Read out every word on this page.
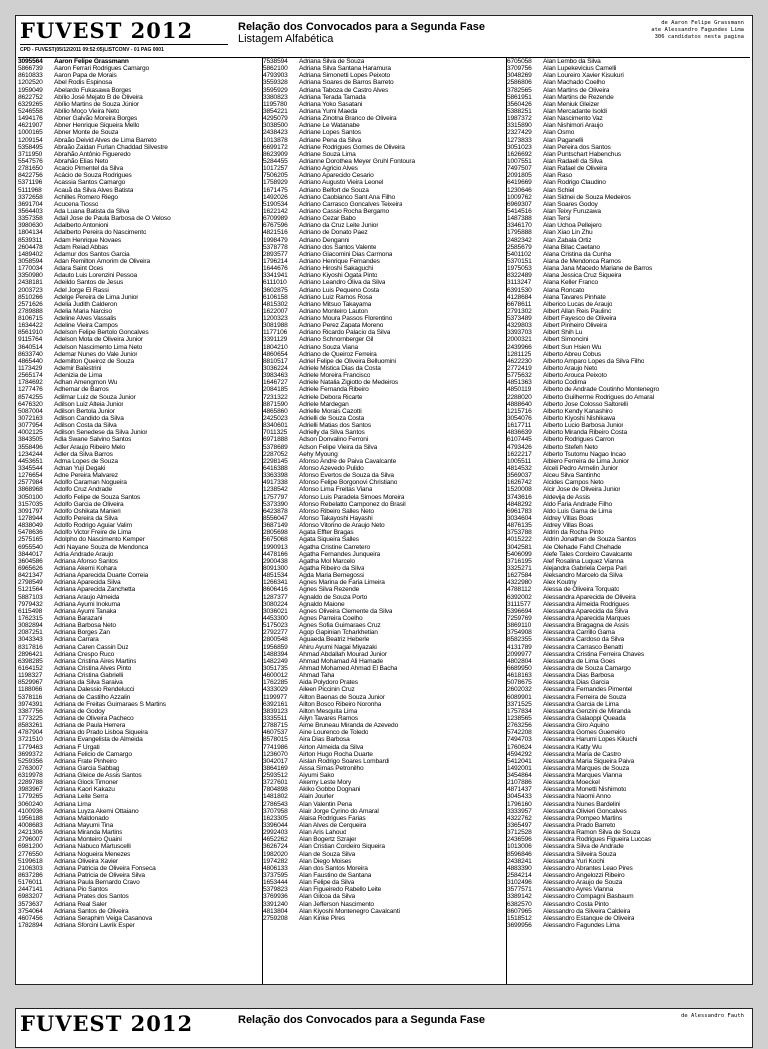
FUVEST 2012
CPD - FUVEST(05/12/2011 09:52:05)LISTCONV - 01 PAG 0001
Relação dos Convocados para a Segunda Fase
Listagem Alfabética
de Aaron Felipe Grassmann
ate Alessandro Fagundes Lima
306 candidatos nesta pagina
3095564	Aaron Felipe Grassmann
5866739	Aaron Ferrari Rodrigues Camargo
8610833	Aaron Papa de Morais
1202520	Abel Rodis Espinosa
1959049	Abelardo Fukasawa Borges
8622752	Abílio José Mejato B de Oliveira
6329265	Abílio Martins de Souza Júnior
5246558	Abílio Moço Vieira Neto
1494176	Abner Galvão Moreira Borges
4621907	Abner Henrique Siqueira Mello
1000165	Abner Monte de Souza
1209154	Abraão Deivid Alves de Lima Barreto
5358495	Abraão Zaidan Furlan Chaddad Silvestre
3711950	Abrahão Antônio Figueredo
5547576	Abrahão Elias Neto
2781650	Acacio Pimentel da Silva
8422756	Acácio de Souza Rodrigues
5371196	Acassia Santos Camargo
5111968	Acauã da Silva Alves Batista
3372658	Achilles Romero Riego
3691704	Acucena Tiosso
3564403	Ada Luana Batista da Silva
3357358	Adail Jose de Paula Barbosa de O Veloso
3980630	Adalberto Antonioni
1804134	Adalberto Pereira do Nascimento
8539311	Adam Henrique Novaes
2604478	Adam Reiad Abbas
1489402	Adamur dos Santos Garcia
3058594	Adan Remilton Amorim de Oliveira
1770034	Adara Saint Oces
3350980	Adauto Luis Lorenzini Pessoa
2438181	Adeildo Santos de Jesus
2003723	Adel Jorge El Rassi
8510266	Adelge Pereira de Lima Junior
2571626	Adelia Judith Calderon
2789888	Adelia Maria Narciso
8106715	Adeline Alves Vassalis
1634422	Adeline Vieira Campos
8561910	Adelson Felipe Bertolo Goncalves
9115764	Adelson Mota de Oliveira Junior
3640514	Adelson Nascimento Lima Neto
8633740	Ademar Nunes do Vale Junior
4865440	Ademilton Queiroz de Souza
1173429	Ademir Balestrini
2565174	Adenizia de Lima
1784692	Adhan Amengmon Wu
1277476	Adhemar de Barros
8574255	Adilmar Luiz de Souza Junior
6476320	Adilson Luiz Alteia Junior
5087004	Adilson Bertola Junior
3072163	Adilson Candido da Silva
3077954	Adilson Costa da Silva
4002125	Adilson Senedese da Silva Junior
3843505	Adla Swane Salvino Santos
3558496	Adler Araujo Ribeiro Melo
1234244	Adler da Silva Barros
4453651	Adma Lopes de Souza
3345544	Adnan Yuji Degaki
1276654	Adne Pereira Malvarez
2577984	Adolfo Caraman Nogueira
3868968	Adolfo Cruz Andrade
3050100	Adolfo Felipe de Souza Santos
3157035	Adolfo Garcia de Oliveira
3091797	Adolfo Oshikata Manieri
1278944	Adolfo Pereira da Silva
4838049	Adolfo Rodrigo Aguiar Valim
5478636	Adolfo Victor Freire de Lima
2575165	Adolpho do Nascimento Kemper
6955540	Adri Nayane Souza de Mendonca
3844017	Adria Andrade Araujo
3604586	Adriana Afonso Santos
6965626	Adriana Akemi Kohara
8421347	Adriana Aparecida Duarte Correia
2798549	Adriana Aparecida Silva
5121564	Adriana Aparecida Zanchetta
5887103	Adriana Araujo Almeida
7979432	Adriana Ayumi Inokuma
6115498	Adriana Ayumi Tanaka
1762315	Adriana Barazani
3082894	Adriana Barbosa Neto
2087251	Adriana Borges Zan
3043343	Adriana Carrara
8317816	Adriana Caren Cassin Duz
2896421	Adriana Crespo Ruco
6398285	Adriana Cristina Aires Martins
6164152	Adriana Cristina Alves Pinto
1198327	Adriana Cristina Gabrielli
8529967	Adriana da Silva Saraiva
1188066	Adriana Dalessio Rendelucci
5378116	Adriana de Castilho Azzalin
3974391	Adriana de Freitas Guimaraes S Martins
3387756	Adriana de Godoy
1773225	Adriana de Oliveira Pacheco
8583261	Adriana de Paula Herrera
4787904	Adriana do Prado Lisboa Siqueira
3721510	Adriana Evangelista de Almeida
1779463	Adriana F Urgati
3699372	Adriana Felicio de Camargo
5259356	Adriana Frate Pinheiro
2763007	Adriana Garcia Sabbag
6319978	Adriana Gleice de Assis Santos
2289788	Adriana Glock Timoner
3983967	Adriana Kaori Kakazu
1779265	Adriana Leite Serra
3060240	Adriana Lima
4100936	Adriana Luyza Akemi Ottaiano
1956188	Adriana Maldonado
4008683	Adriana Mayumi Tina
2421306	Adriana Miranda Martins
2796007	Adriana Monteiro Quaini
6981200	Adriana Nabuco Martuscelli
2776550	Adriana Nogueira Menezes
5199618	Adriana Oliveira Xavier
2106303	Adriana Patricia de Oliveira Fonseca
8637286	Adriana Patricia de Oliveira Silva
5176011	Adriana Paula Bernardo Cravo
2447141	Adriana Pio Santos
6983207	Adriana Prates dos Santos
3573637	Adriana Real Saler
3754064	Adriana Santos de Oliveira
4607456	Adriana Seraphim Veiga Casanova
1782894	Adriana Sforcini Lavrik Esper
7538594	Adriana Silva de Souza
5862100	Adriana Silva Santana Haramura
4793903	Adriana Simonetti Lopes Peixoto
3559328	Adriana Soares de Barros Barreto
3595929	Adriana Taboza de Castro Alves
3380823	Adriana Terada Tamada
1195780	Adriana Yoko Sasatani
3854221	Adriana Yumi Maeda
4295079	Adriana Zinotna Branco de Oliveira
3038500	Adriane Le Watanabe
2438423	Adriane Lopes Santos
1013878	Adriane Pena da Silva
6699172	Adriane Rodrigues Gomes de Oliveira
8623909	Adriane Souza Lima
5284455	Adrianne Dorothea Meyer Gruhl Fontoura
1017257	Adriano Agricio Alves
7506205	Adriano Aparecido Cesario
1758929	Adriano Augusto Vieira Leonel
1671475	Adriano Belfort de Souza
1492026	Adriano Caobianco Sant Ana Filho
5190534	Adriano Carrasco Goncalves Teixeira
1622142	Adriano Cassio Rocha Bergamo
6709989	Adriano Cezar Babo
6767596	Adriano da Cruz Leite Junior
4821516	Adriano de Donato Paez
1998479	Adriano Denganni
5378778	Adriano dos Santos Valente
2893577	Adriano Giacomini Dias Carmona
1796214	Adriano Henrique Fernandes
1644676	Adriano Hiroshi Sakaguchi
3341941	Adriano Kiyoshi Ogata Pinto
6111010	Adriano Leandro Oliva da Silva
3602875	Adriano Luis Pequeno Costa
6106158	Adriano Luiz Ramos Rosa
4815302	Adriano Mitsuo Takayama
1622007	Adriano Monteiro Lauton
1200323	Adriano Moura Passos Florentino
3081988	Adriano Perez Zapata Moreno
1177106	Adriano Ricardo Palacio da Silva
3391129	Adriano Schnornberger Gil
1804210	Adriano Souza Viana
4860654	Adriano de Queiroz Ferreira
8810517	Adriel Felipe de Oliveira Belluomini
3036224	Adriele Mistica Dias da Costa
3983463	Adriele Moreira Francisco
1646727	Adriele Natalia Zigiotto de Medeiros
2084185	Adriele Fernanda Ribeiro
7231322	Adriele Debora Ricarte
8871590	Adriele Mardegan
4865860	Adrielle Morais Cazotti
2425023	Adrielli de Souza Costa
8340601	Adrielli Matias dos Santos
7011325	Adrielly da Silva Santos
6971888	Adson Donvalino Ferroni
5378689	Adson Felipe Vieira da Silva
2287052	Aehy Myoung
2298145	Afonso Andre de Paiva Cavalcante
6416388	Afonso Azevedo Pulido
3363398	Afonso Evertos de Souza da Silva
4917338	Afonso Felipe Borgonovi Christiano
1238542	Afonso Lima Freitas Viana
1757797	Afonso Luis Paradela Simoes Moreira
5373390	Afonso Rebelatto Camponez do Brasil
6423878	Afonso Ribeiro Salles Neto
8556047	Afonso Takayoshi Hayashi
3687149	Afonso Vitorino de Araujo Neto
2805698	Agata Effter Bragas
5675068	Agata Siqueira Salles
1990913	Agatha Cristine Carretero
4478166	Agatha Fernandes Junqueira
2900438	Agatha Mol Marcelo
8091300	Agatha Ribeiro da Silva
4851534	Agda Maria Bernegossi
1266341	Agnes Marina de Faria Limeira
8606416	Agnes Silva Rezende
1287377	Agnaldo de Souza Porto
3080224	Agnaldo Maione
3036021	Agnes Oliveira Clemente da Silva
4453300	Agnes Parreira Coelho
5175023	Agnes Sofia Guimaraes Cruz
2792277	Agop Gapinian Tcharkhetian
2800548	Aguaeda Beatriz Heberle
1956859	Ahiru Ayumi Nagai Miyazaki
1488394	Ahmad Abdallah Mourad Junior
1482249	Ahmad Mohamad Ali Hamade
3051735	Ahmad Mohamed Ahmad El Bacha
4600012	Ahmad Taha
1762285	Aida Polydoro Prates
4333029	Aileen Piccinin Cruz
1199977	Ailton Baenas de Souza Junior
6392161	Ailton Bosco Ribeiro Noronha
3839123	Ailton Mesquita Lima
3335511	Ailyn Tavares Ramos
2788715	Aime Bruneau Miranda de Azevedo
4607537	Aine Lourenco de Toledo
8578015	Aira Dias Barbosa
7741986	Airton Almeida da Silva
1236070	Airton Hugo Rocha Duarte
3042017	Aislan Rodrigo Soares Lombardi
3864169	Aissa Simas Petronilho
2593512	Aiyumi Sako
3727601	Akemy Leste Mory
7804898	Akiko Gobbo Dognani
1481802	Alain Jourler
2786543	Alan Valentin Pena
3707958	Alair Jorge Cyrino do Amaral
1623305	Alaisa Rodrigues Farias
3396044	Alan Alves de Cerqueira
2992403	Alan Aris Lahoud
4652262	Alan Bogertz Szrajer
3626724	Alan Cristian Cordeiro Siqueira
1982020	Alan de Souza Silva
1974282	Alan Diego Moises
4806133	Alan dos Santos Moreira
3737595	Alan Faustino de Santana
1653444	Alan Felipe da Silva
5379823	Alan Figueiredo Rabello Leite
3769936	Alan Gilcoa da Silva
3391240	Alan Jefferson Nascimento
4813804	Alan Kiyoshi Montenegro Cavalcanti
2759208	Alan Kinke Pires
6705058	Alan Lembo da Silva
3709756	Alan Lupekevicius Camelli
3048269	Alan Loureiro Xavier Kisukuri
2586806	Alan Machado Coelho
3782565	Alan Martins de Oliveira
5861951	Alan Martins de Rezende
3560426	Alan Meniuk Gleizer
5388251	Alan Mercadante Isoldi
1987372	Alan Nascimento Vaz
3315890	Alan Nishimori Araujo
2327429	Alan Osmo
1273833	Alan Paganelli
3051023	Alan Pereira dos Santos
1626692	Alan Puntschart Habenchus
1007551	Alan Radaell da Silva
7497507	Alan Rafael de Oliveira
2091805	Alan Raso
6419669	Alan Rodrigo Claudino
1230646	Alan Schiel
1009762	Alan Sidnei de Souza Medeiros
6969307	Alan Soares Godoy
5414516	Alan Teixy Furuzawa
1487388	Alan Tersi
3346170	Alan Uchoa Pellejero
1795888	Alan Xiao Lin Zhu
2482342	Alan Zabala Ortiz
2585679	Alana Bilac Caetano
5401102	Alana Cristina da Cunha
5370151	Alana de Mendonca Ramos
1975053	Alana Jana Macedo Mariane de Barros
8322489	Alana Jessica Cruz Siqueira
3113247	Alana Keller Franco
6391530	Alana Roncato
4128684	Alana Tavares Pinhate
6678611	Alberico Lucas de Araujo
2791302	Albert Allan Reis Paulino
5373489	Albert Fayesco de Oliveira
4329803	Albert Pinheiro Oliveira
3393703	Albert Shih Lu
2000321	Albert Simoncini
2439966	Albert Sun Hsien Wu
1281125	Alberto Abreu Cobus
4622230	Alberto Amparo Lopes da Silva Filho
2772419	Alberto Araujo Neto
5775632	Alberto Arouca Peixoto
4851363	Alberto Codima
4850119	Alberto de Andrade Coutinho Montenegro
2288020	Alberto Guilherme Rodrigues do Amaral
4888640	Alberto Jose Colosso Saltorelli
1215716	Alberto Kendy Kanashiro
3054076	Alberto Kiyoshi Nishikawa
1617711	Alberto Lucio Barbosa Junior
4836639	Alberto Miranda Ribeiro Costa
6107445	Alberto Rodrigues Carron
4793426	Alberto Stefeh Neto
1622217	Alberto Tsutomu Nagao Incao
1005511	Albiero Ferreira de Lima Junior
4814532	Alceli Pedro Armelin Junior
3569037	Alceu Silva Santinho
1626742	Alcides Campos Neto
1520008	Alcir Jose de Oliveira Junior
3743616	Aldevija de Assis
4848292	Aldo Faria Andrade Filho
6961783	Aldo Luis Gama de Lima
3034604	Aldrey Villas Boas
4876135	Aldrey Villas Boas
3753788	Aldrin da Rocha Pinto
4015222	Aldrin Jonathan de Souza Santos
3042581	Ale Olehade Fahd Chehade
5406099	Alefe Tales Cordeiro Cavalcante
3716195	Alef Rosalina Luquez Vianna
3325271	Alejandra Gabriela Cerpa Pari
1627584	Aleksandro Marcelo da Silva
4322980	Alex Koutny
4788112	Alessa de Oliveira Torquato
6392002	Alessandra Aparecida de Oliveira
3111577	Alessandra Almeida Rodrigues
5396694	Alessandra Aparecida da Silva
7259769	Alessandra Aparecida Marques
3869110	Alessandra Bragagna de Assis
3754908	Alessandra Carrillo Gama
8582355	Alessandra Cardoso da Silva
4131789	Alessandra Carrasco Benatti
2099977	Alessandra Cristina Ferreira Chaves
4802804	Alessandra de Lima Goes
6689950	Alessandra de Souza Camargo
4618163	Alessandra Dias Barbosa
5078675	Alessandra Dias Garcia
2602032	Alessandra Fernandes Pimentel
6089901	Alessandra Ferreira de Souza
3371525	Alessandra Garcia de Lima
1757834	Alessandra Genzini de Miranda
1238565	Alessandra Galaoppi Queada
2763256	Alessandra Giro Aquino
5742208	Alessandra Gomes Guerreiro
7494703	Alessandra Harumi Lopes Kikuchi
1760624	Alessandra Katty Wu
4594292	Alessandra Maria de Castro
5412041	Alessandra Maria Siqueira Paiva
1492001	Alessandra Marques de Souza
3454864	Alessandra Marques Vianna
2107886	Alessandra Moeckel
4871437	Alessandra Monetti Nishimoto
3045433	Alessandra Naomi Anno
1796160	Alessandra Nunes Bardelini
3333957	Alessandra Olivieri Goncalves
4322762	Alessandra Pompeo Martins
3365497	Alessandra Prado Barreto
3712528	Alessandra Ramon Silva de Souza
2436596	Alessandra Rodrigues Figueira Luccas
1013006	Alessandra Silva de Andrade
8596846	Alessandra Silveira Souza
2438241	Alessandra Yuri Kochi
4883390	Alessandro Abrantes Leao Pires
2584214	Alessandro Angelozzi Ribeiro
3102496	Alessandro Araujo de Souza
3577571	Alessandro Ayres Vianna
3389142	Alessandro Compagni Basbaum
6382570	Alessandro Costa Pinto
8607965	Alessandro da Silveira Caldeira
1518512	Alessandro Estanque de Oliveira
3699956	Alessandro Fagundes Lima
FUVEST 2012	Relação dos Convocados para a Segunda Fase	de Alessandro Fauth
